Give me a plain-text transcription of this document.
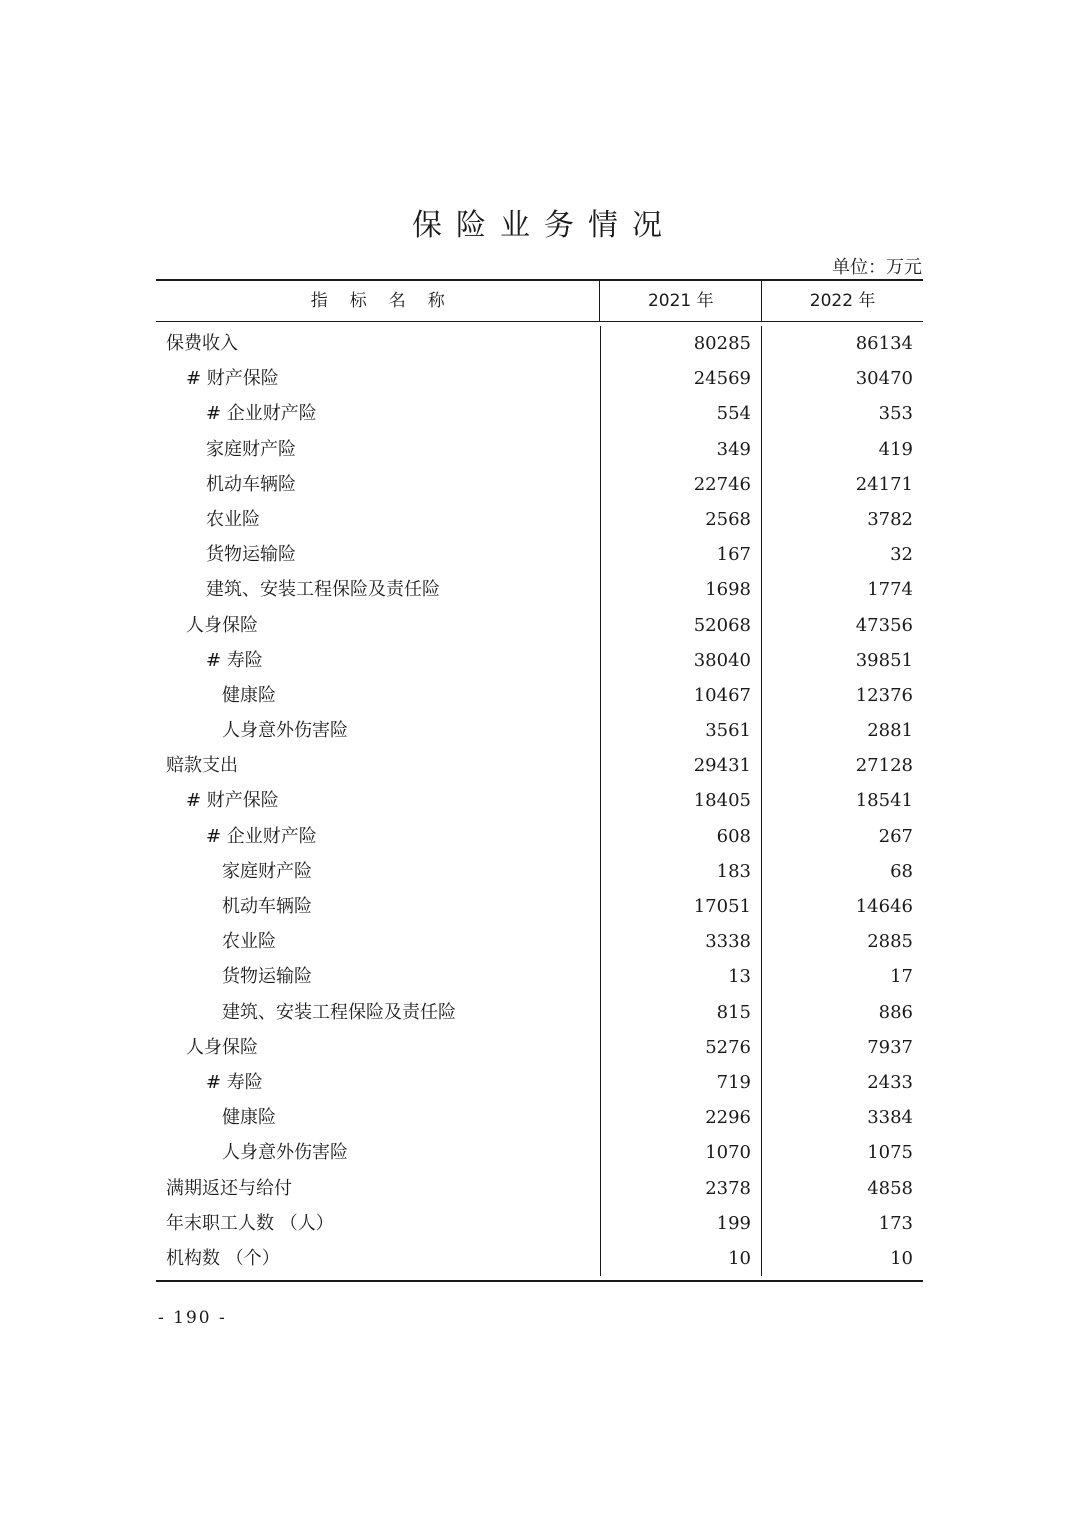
保险业务情况
单位：万元
指标名称	2021 年	2022 年
保费收入	80285	86134
# 财产保险	24569	30470
# 企业财产险	554	353
家庭财产险	349	419
机动车辆险	22746	24171
农业险	2568	3782
货物运输险	167	32
建筑、安装工程保险及责任险	1698	1774
人身保险	52068	47356
# 寿险	38040	39851
健康险	10467	12376
人身意外伤害险	3561	2881
赔款支出	29431	27128
# 财产保险	18405	18541
# 企业财产险	608	267
家庭财产险	183	68
机动车辆险	17051	14646
农业险	3338	2885
货物运输险	13	17
建筑、安装工程保险及责任险	815	886
人身保险	5276	7937
# 寿险	719	2433
健康险	2296	3384
人身意外伤害险	1070	1075
满期返还与给付	2378	4858
年末职工人数 （人）	199	173
机构数 （个）	10	10
- 190 -
